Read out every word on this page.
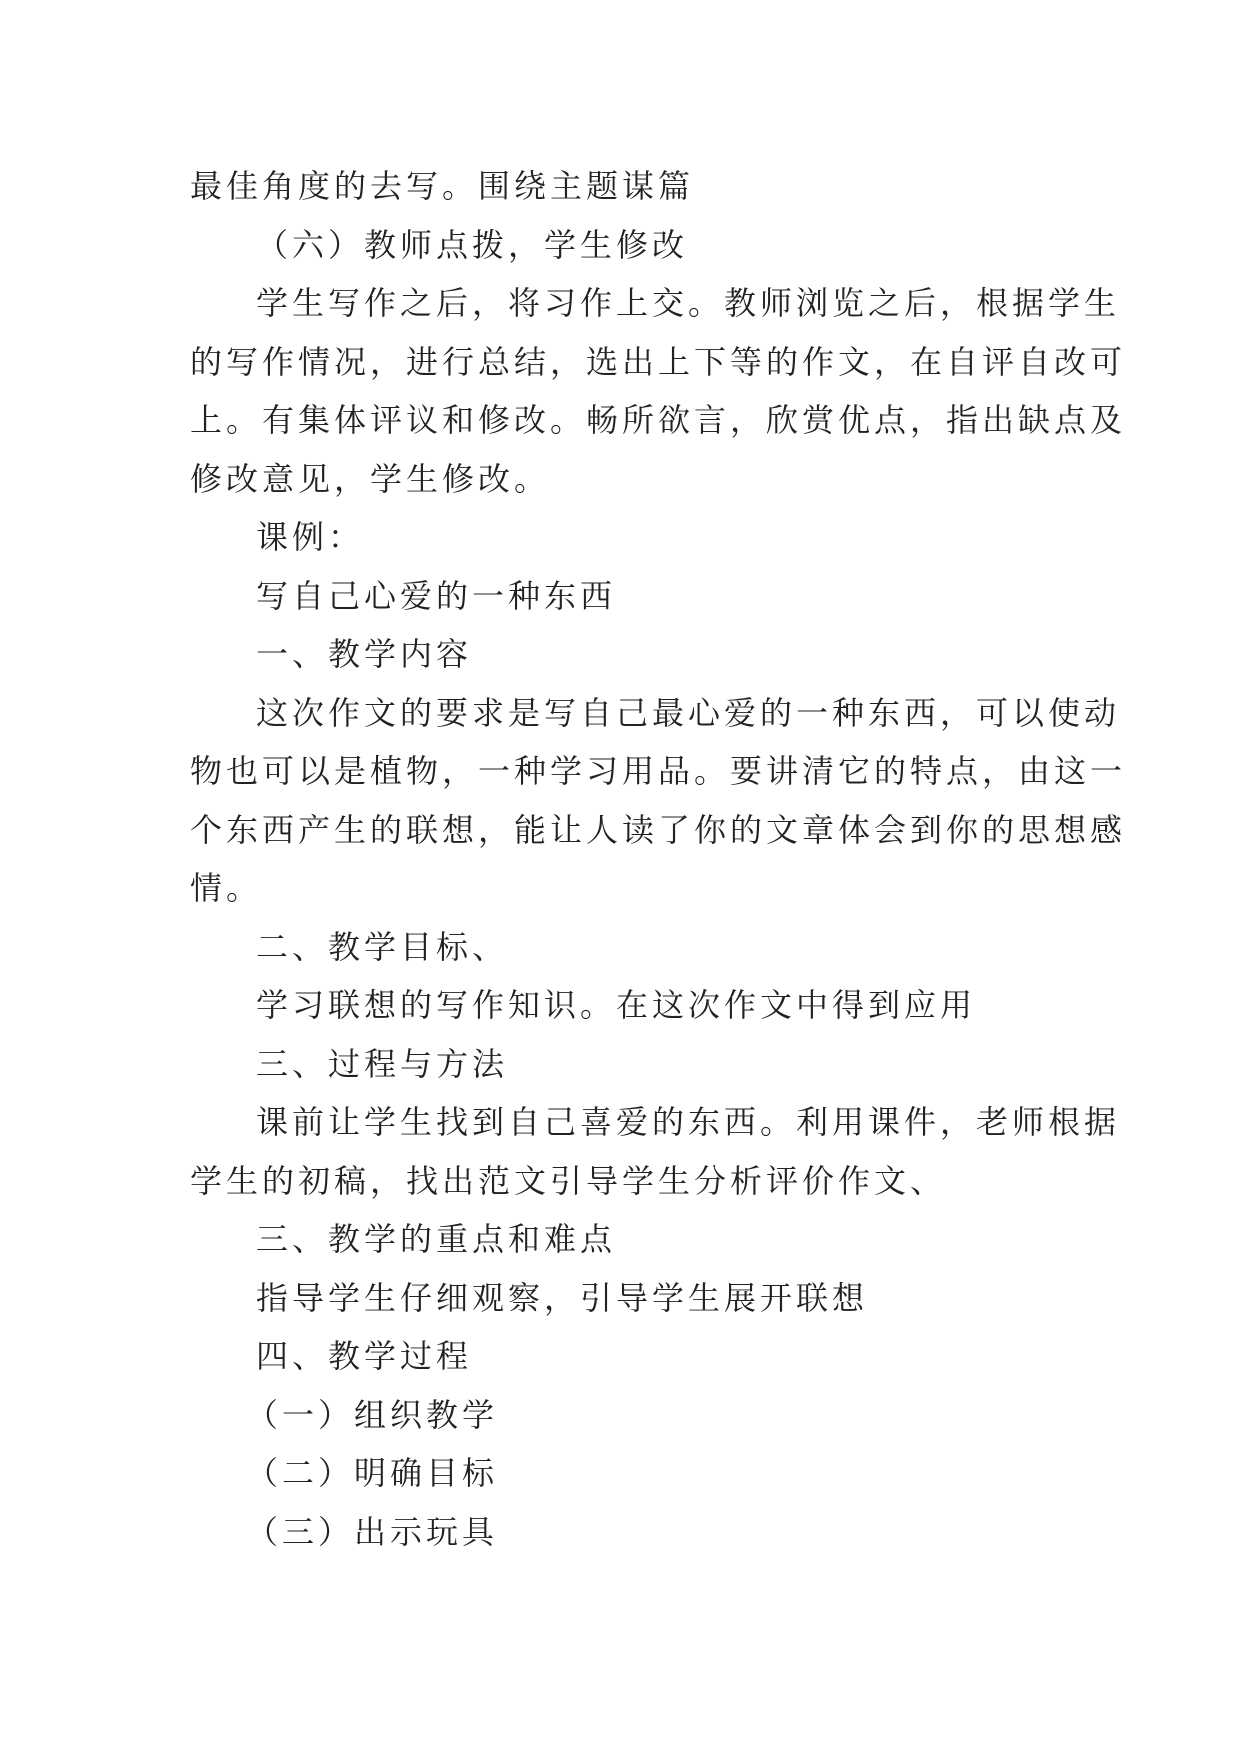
最佳角度的去写。围绕主题谋篇

（六）教师点拨，学生修改

学生写作之后，将习作上交。教师浏览之后，根据学生

的写作情况，进行总结，选出上下等的作文，在自评自改可

上。有集体评议和修改。畅所欲言，欣赏优点，指出缺点及

修改意见，学生修改。

课例：

写自己心爱的一种东西

一、教学内容

这次作文的要求是写自己最心爱的一种东西，可以使动

物也可以是植物，一种学习用品。要讲清它的特点，由这一

个东西产生的联想，能让人读了你的文章体会到你的思想感

情。

二、教学目标、

学习联想的写作知识。在这次作文中得到应用

三、过程与方法

课前让学生找到自己喜爱的东西。利用课件，老师根据

学生的初稿，找出范文引导学生分析评价作文、

三、教学的重点和难点

指导学生仔细观察，引导学生展开联想

四、教学过程

（一）组织教学

（二）明确目标

（三）出示玩具
